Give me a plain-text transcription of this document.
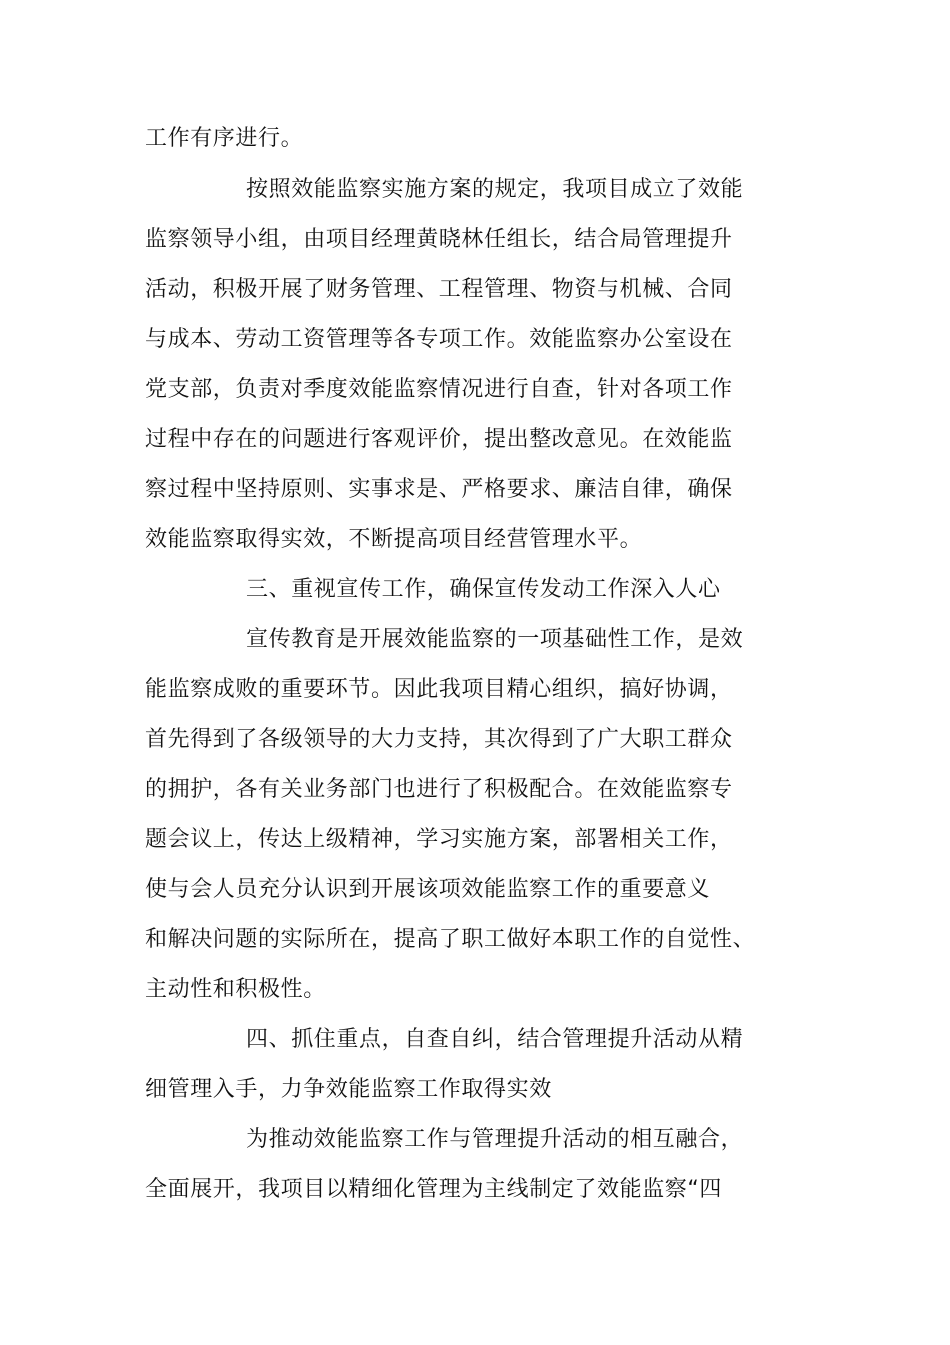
工作有序进行。
按照效能监察实施方案的规定，我项目成立了效能
监察领导小组，由项目经理黄晓林任组长，结合局管理提升
活动，积极开展了财务管理、工程管理、物资与机械、合同
与成本、劳动工资管理等各专项工作。效能监察办公室设在
党支部，负责对季度效能监察情况进行自查，针对各项工作
过程中存在的问题进行客观评价，提出整改意见。在效能监
察过程中坚持原则、实事求是、严格要求、廉洁自律，确保
效能监察取得实效，不断提高项目经营管理水平。
三、重视宣传工作，确保宣传发动工作深入人心
宣传教育是开展效能监察的一项基础性工作，是效
能监察成败的重要环节。因此我项目精心组织，搞好协调，
首先得到了各级领导的大力支持，其次得到了广大职工群众
的拥护，各有关业务部门也进行了积极配合。在效能监察专
题会议上，传达上级精神，学习实施方案，部署相关工作，
使与会人员充分认识到开展该项效能监察工作的重要意义
和解决问题的实际所在，提高了职工做好本职工作的自觉性、
主动性和积极性。
四、抓住重点，自查自纠，结合管理提升活动从精
细管理入手，力争效能监察工作取得实效
为推动效能监察工作与管理提升活动的相互融合，
全面展开，我项目以精细化管理为主线制定了效能监察“四
